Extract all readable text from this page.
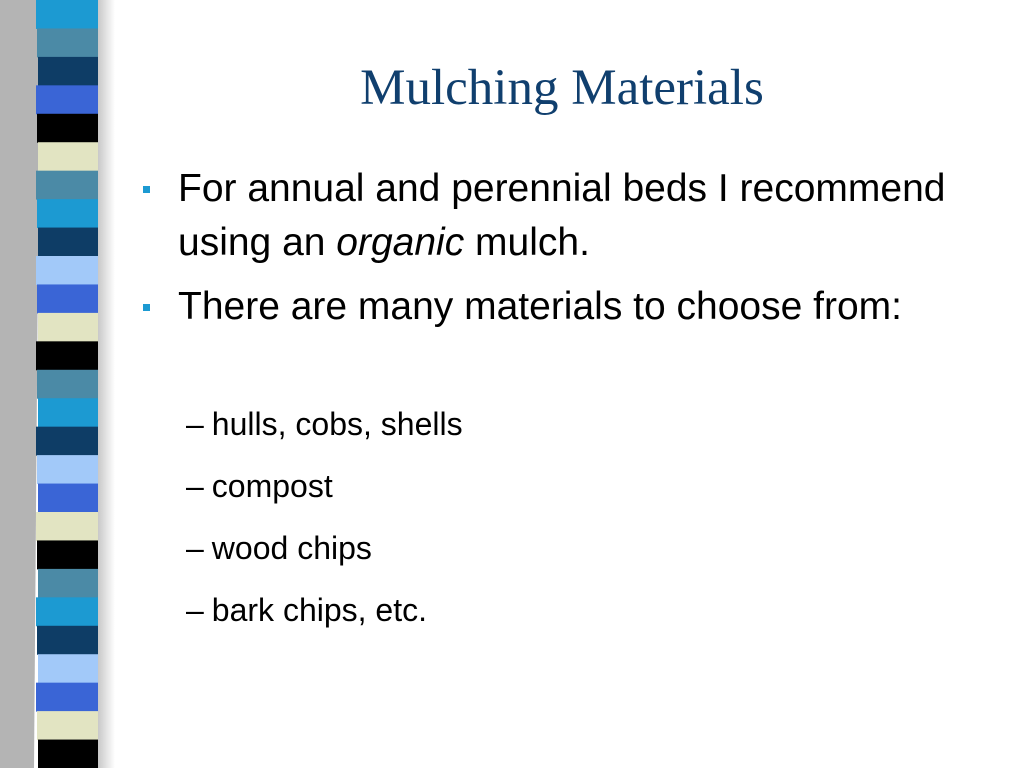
Mulching Materials
For annual and perennial beds I recommend using an organic mulch.
There are many materials to choose from:
– hulls, cobs, shells
– compost
– wood chips
– bark chips, etc.
